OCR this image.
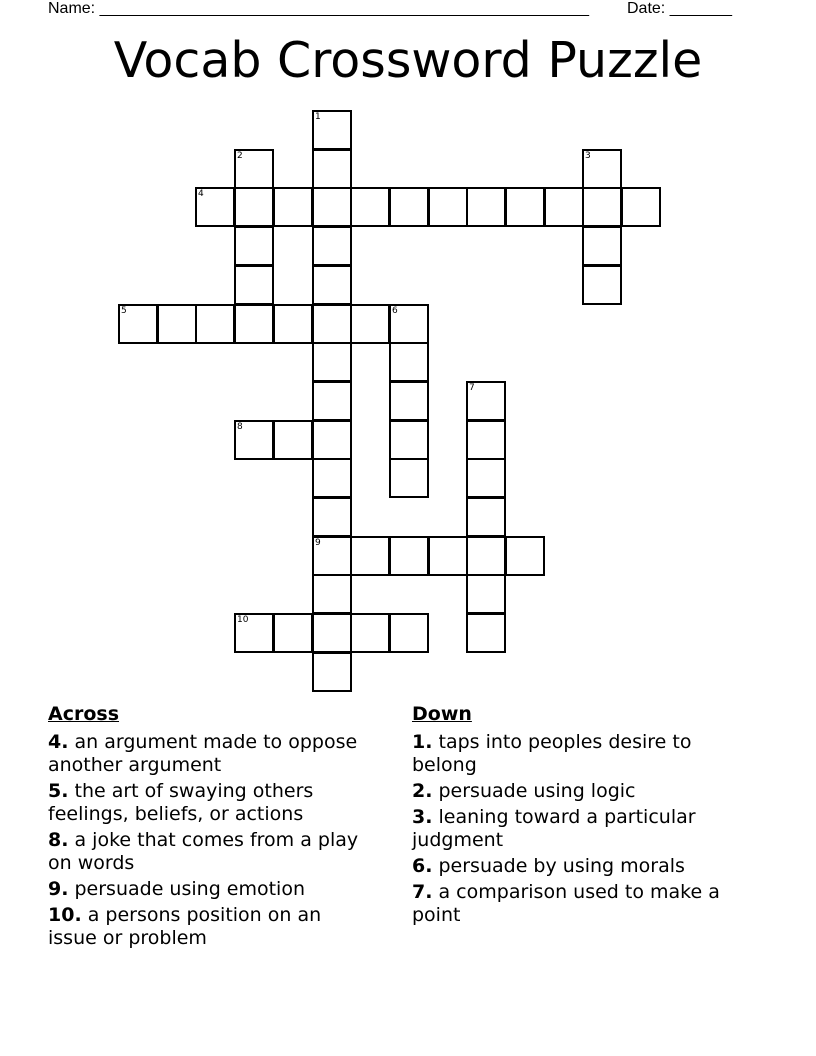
Name: _______________________________________________________ Date: _______
Vocab Crossword Puzzle
1
9
2	3
4
5	6
7
8
10
Across
4. an argument made to oppose another argument
5. the art of swaying others feelings, beliefs, or actions
8. a joke that comes from a play on words
9. persuade using emotion
10. a persons position on an issue or problem
Down
1. taps into peoples desire to belong
2. persuade using logic
3. leaning toward a particular judgment
6. persuade by using morals
7. a comparison used to make a point
